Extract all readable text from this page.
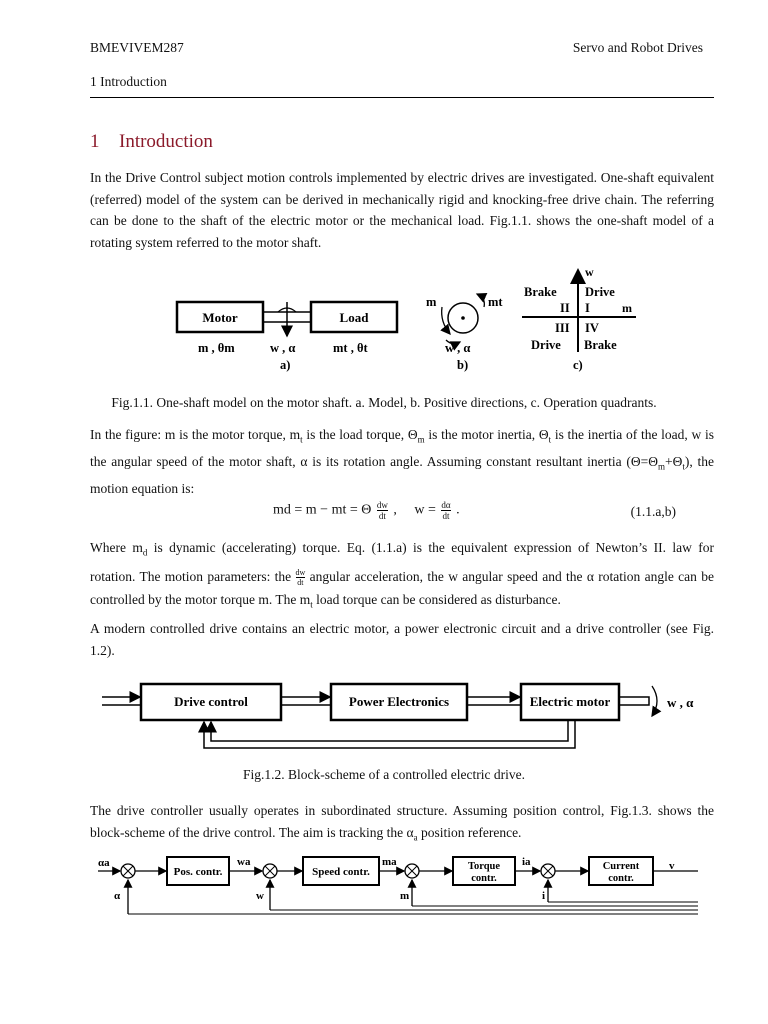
BMEVIVEM287	Servo and Robot Drives
1 Introduction
1 Introduction
In the Drive Control subject motion controls implemented by electric drives are investigated. One-shaft equivalent (referred) model of the system can be derived in mechanically rigid and knocking-free drive chain. The referring can be done to the shaft of the electric motor or the mechanical load. Fig.1.1. shows the one-shaft model of a rotating system referred to the motor shaft.
Motor	Load
m , θm	w , α	mt , θt
a)
m	mt
w , α
b)
w
m
Brake Drive
II I
III IV
Drive Brake
c)
Fig.1.1. One-shaft model on the motor shaft. a. Model, b. Positive directions, c. Operation quadrants.
In the figure: m is the motor torque, $m_t$ is the load torque, $\Theta_m$ is the motor inertia, $\Theta_t$ is the inertia of the load, w is the angular speed of the motor shaft, α is its rotation angle. Assuming constant resultant inertia $(\Theta=\Theta_m+\Theta_t)$, the motion equation is:
md = m − mt = Θ $\frac{dw}{dt}$ ,     $w = \frac{d\alpha}{dt}$ .	(1.1.a,b)
Where $m_d$ is dynamic (accelerating) torque. Eq. (1.1.a) is the equivalent expression of Newton’s II. law for rotation. The motion parameters: the $\frac{dw}{dt}$ angular acceleration, the w angular speed and the α rotation angle can be controlled by the motor torque m. The $m_t$ load torque can be considered as disturbance.
A modern controlled drive contains an electric motor, a power electronic circuit and a drive controller (see Fig. 1.2).
Drive control	Power Electronics	Electric motor	w , α
Fig.1.2. Block-scheme of a controlled electric drive.
The drive controller usually operates in subordinated structure. Assuming position control, Fig.1.3. shows the block-scheme of the drive control. The aim is tracking the $\alpha_a$ position reference.
αa
Pos. contr.
wa
Speed contr.
ma	Torque
contr.
ia	Current
contr.
v
α	w	m	i
